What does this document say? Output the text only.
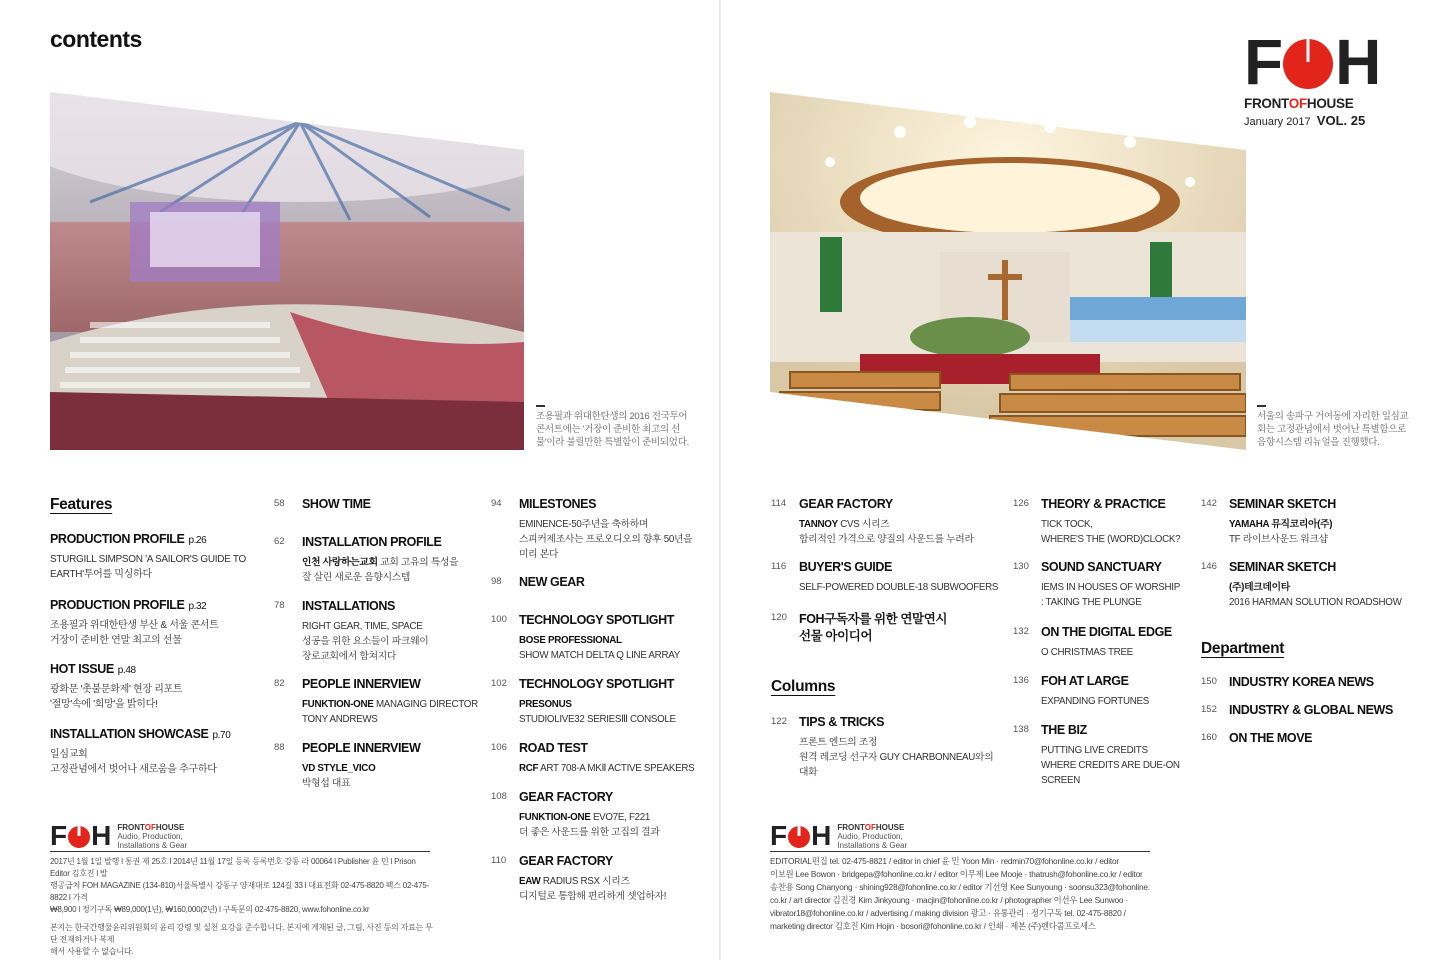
contents
조용필과 위대한탄생의 2016 전국투어
콘서트에는 '거장이 준비한 최고의 선
물'이라 불릴만한 특별함이 준비되었다.
Features
PRODUCTION PROFILE p.26
STURGILL SIMPSON 'A SAILOR'S GUIDE TO
EARTH'투어를 믹싱하다
PRODUCTION PROFILE p.32
조용필과 위대한탄생 부산 & 서울 콘서트
거장이 준비한 연말 최고의 선물
HOT ISSUE p.48
광화문 '촛불문화제' 현장 리포트
'절망'속에 '희망'을 밝히다!
INSTALLATION SHOWCASE p.70
일심교회
고정관념에서 벗어나 새로움을 추구하다
58 SHOW TIME
62 INSTALLATION PROFILE
인천 사랑하는교회 교회 고유의 특성을
잘 살린 새로운 음향시스템
78 INSTALLATIONS
RIGHT GEAR, TIME, SPACE
성공을 위한 요소들이 파크웨이
장로교회에서 합쳐지다
82 PEOPLE INNERVIEW
FUNKTION-ONE MANAGING DIRECTOR
TONY ANDREWS
88 PEOPLE INNERVIEW
VD STYLE_VICO
박형섭 대표
94 MILESTONES
EMINENCE-50주년을 축하하며
스피커제조사는 프로오디오의 향후 50년을
미리 본다
98 NEW GEAR
100 TECHNOLOGY SPOTLIGHT
BOSE PROFESSIONAL
SHOW MATCH DELTA Q LINE ARRAY
102 TECHNOLOGY SPOTLIGHT
PRESONUS
STUDIOLIVE32 SERIESⅢ CONSOLE
106 ROAD TEST
RCF ART 708-A MKⅡ ACTIVE SPEAKERS
108 GEAR FACTORY
FUNKTION-ONE EVO7E, F221
더 좋은 사운드를 위한 고집의 결과
110 GEAR FACTORY
EAW RADIUS RSX 시리즈
디지털로 통합해 편리하게 셋업하자!
F H FRONTOFHOUSE
Audio, Production,
Installations & Gear
2017년 1월 1일 발행 l 통권 제 25호 l 2014년 11월 17일 등록 등록번호 강동 라 00064 l Publisher 윤 민 l Prison Editor 김호진 l 발
행공급처 FOH MAGAZINE (134-810)서울특별시 강동구 양재대로 124길 33 l 대표전화 02-475-8820 팩스 02-475-8822 l 가격
₩8,900 l 정기구독 ₩89,000(1년), ₩160,000(2년) l 구독문의 02-475-8820, www.fohonline.co.kr
본지는 한국간행물윤리위원회의 윤리 강령 및 실천 요강을 준수합니다. 본지에 게재된 글, 그림, 사진 등의 자료는 무단 전재하거나 복제
해서 사용할 수 없습니다.
F H
FRONTOFHOUSE
January 2017 VOL. 25
서울의 송파구 거여동에 자리한 일심교
회는 고정관념에서 벗어난 특별함으로
음향시스템 리뉴얼을 진행했다.
114 GEAR FACTORY
TANNOY CVS 시리즈
합리적인 가격으로 양질의 사운드를 누려라
116 BUYER'S GUIDE
SELF-POWERED DOUBLE-18 SUBWOOFERS
120 FOH구독자를 위한 연말연시
선물 아이디어
Columns
122 TIPS & TRICKS
프론트 엔드의 조정
원격 레코딩 선구자 GUY CHARBONNEAU와의
대화
126 THEORY & PRACTICE
TICK TOCK,
WHERE'S THE (WORD)CLOCK?
130 SOUND SANCTUARY
IEMS IN HOUSES OF WORSHIP
: TAKING THE PLUNGE
132 ON THE DIGITAL EDGE
O CHRISTMAS TREE
136 FOH AT LARGE
EXPANDING FORTUNES
138 THE BIZ
PUTTING LIVE CREDITS
WHERE CREDITS ARE DUE-ON
SCREEN
142 SEMINAR SKETCH
YAMAHA 뮤직코리아(주)
TF 라이브사운드 워크샵
146 SEMINAR SKETCH
(주)테크데이타
2016 HARMAN SOLUTION ROADSHOW
Department
150 INDUSTRY KOREA NEWS
152 INDUSTRY & GLOBAL NEWS
160 ON THE MOVE
F H FRONTOFHOUSE
Audio, Production,
Installations & Gear
EDITORIAL편집 tel. 02-475-8821 / editor in chief 윤 민 Yoon Min · redmin70@fohonline.co.kr / editor
이보원 Lee Bowon · bridgepa@fohonline.co.kr / editor 이무제 Lee Mooje · thatrush@fohonline.co.kr / editor
송찬용 Song Chanyong · shining928@fohonline.co.kr / editor 기선영 Kee Sunyoung · soonsu323@fohonline.
co.kr / art director 김진경 Kim Jinkyoung · macjin@fohonline.co.kr / photographer 이선우 Lee Sunwoo ·
vibrator18@fohonline.co.kr / advertising / making division 광고 · 유통관리 · 정기구독 tel. 02-475-8820 /
marketing director 김호진 Kim Hojin · bosori@fohonline.co.kr / 인쇄 · 제본 (주)펜다콤프로세스
